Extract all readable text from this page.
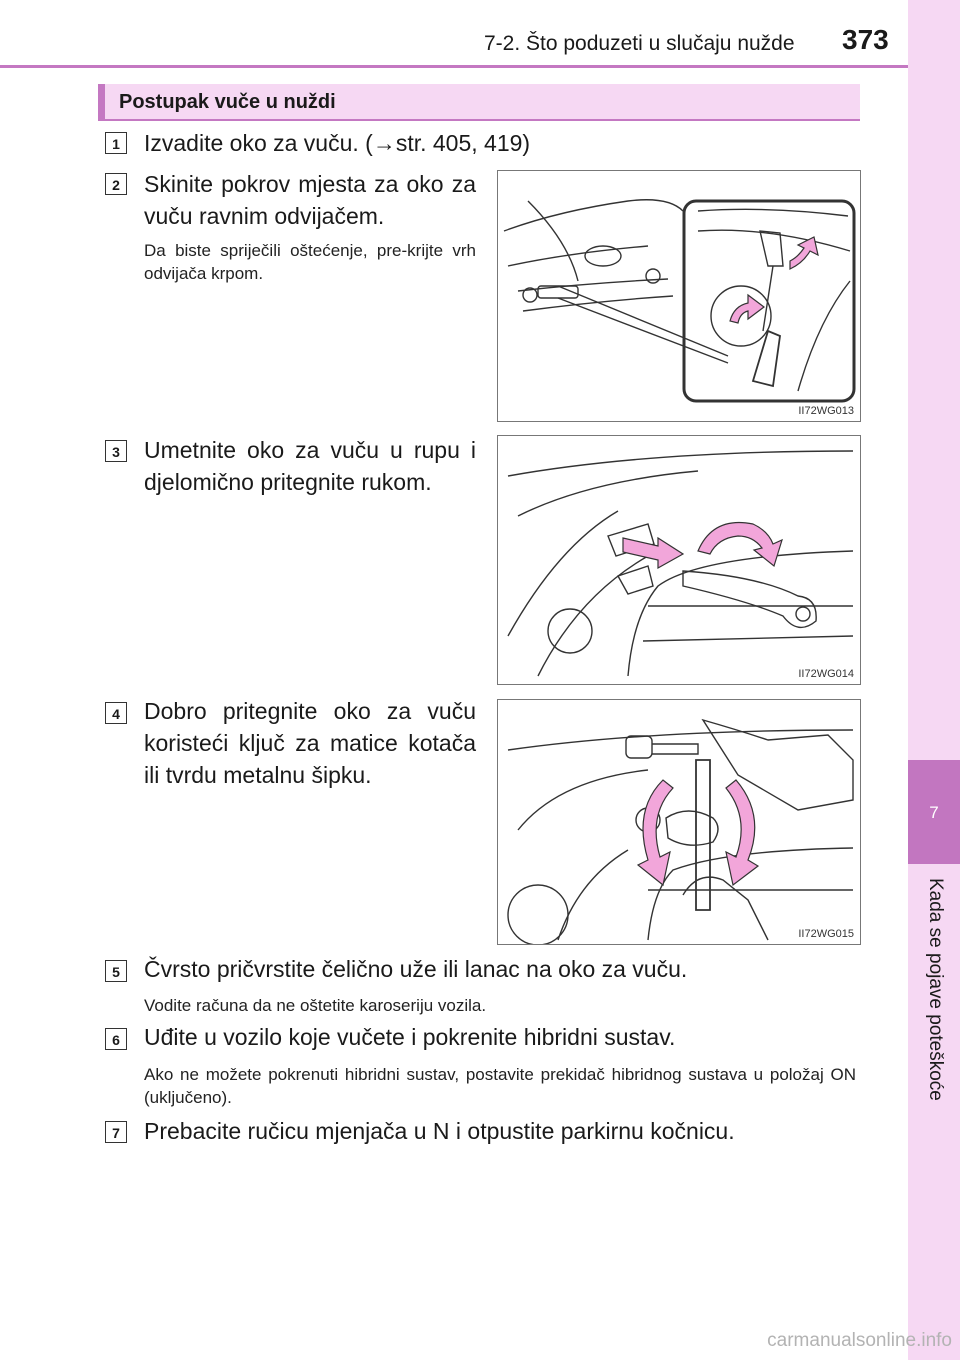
7-2. Što poduzeti u slučaju nužde 373
7
Kada se pojave poteškoće
Postupak vuče u nuždi
1	Izvadite oko za vuču. (→str. 405, 419)
2	Skinite pokrov mjesta za oko za vuču ravnim odvijačem.
Da biste spriječili oštećenje, pre-krijte vrh odvijača krpom.
II72WG013
3	Umetnite oko za vuču u rupu i djelomično pritegnite rukom.
II72WG014
4	Dobro pritegnite oko za vuču koristeći ključ za matice kotača ili tvrdu metalnu šipku.
II72WG015
5	Čvrsto pričvrstite čelično uže ili lanac na oko za vuču.
Vodite računa da ne oštetite karoseriju vozila.
6	Uđite u vozilo koje vučete i pokrenite hibridni sustav.
Ako ne možete pokrenuti hibridni sustav, postavite prekidač hibridnog sustava u položaj ON (uključeno).
7	Prebacite ručicu mjenjača u N i otpustite parkirnu kočnicu.
carmanualsonline.info
